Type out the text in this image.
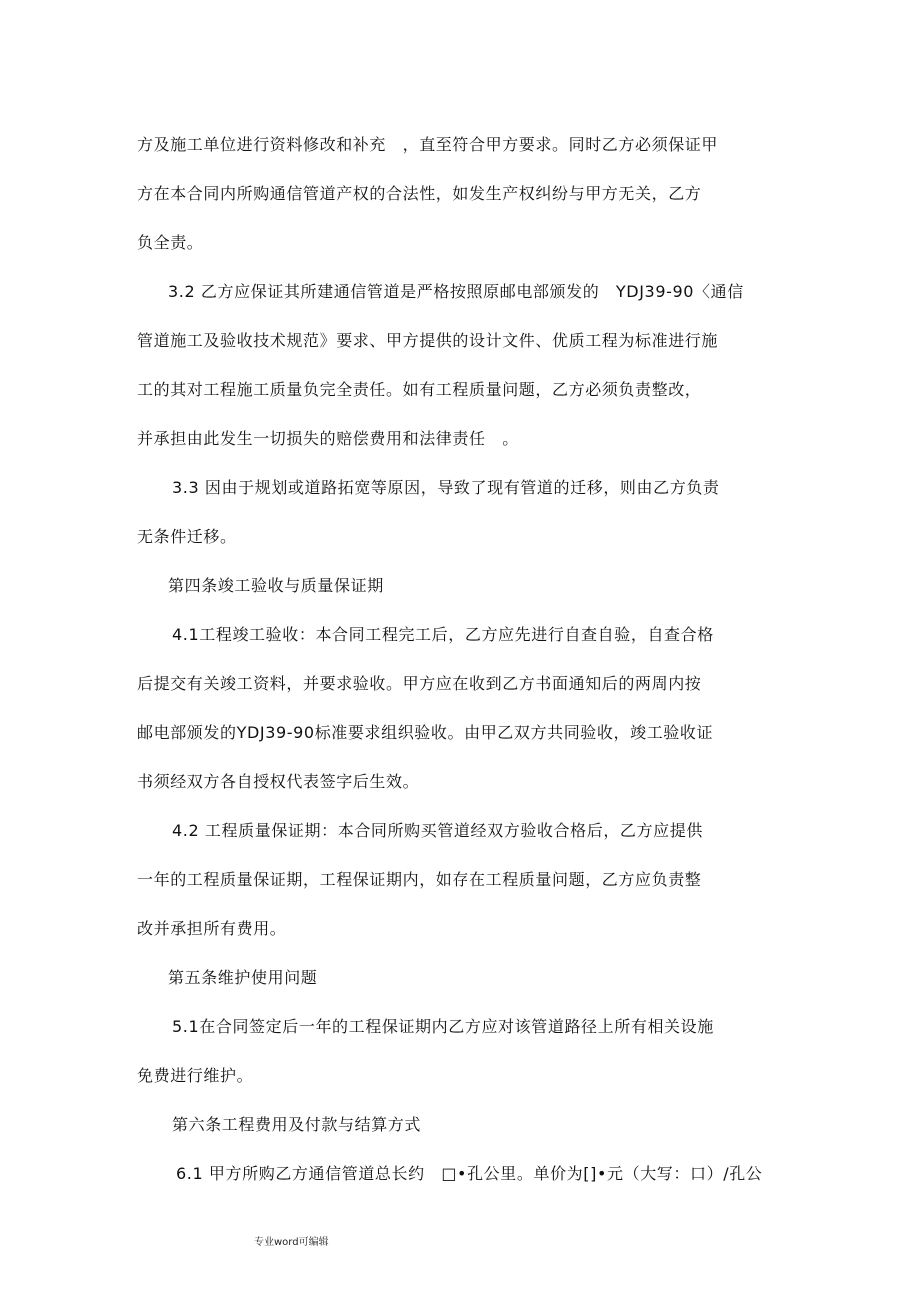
方及施工单位进行资料修改和补充　，直至符合甲方要求。同时乙方必须保证甲
方在本合同内所购通信管道产权的合法性，如发生产权纠纷与甲方无关，乙方
负全责。
3.2 乙方应保证其所建通信管道是严格按照原邮电部颁发的　YDJ39-90〈通信
管道施工及验收技术规范》要求、甲方提供的设计文件、优质工程为标准进行施
工的其对工程施工质量负完全责任。如有工程质量问题，乙方必须负责整改，
并承担由此发生一切损失的赔偿费用和法律责任　。
3.3 因由于规划或道路拓宽等原因，导致了现有管道的迁移，则由乙方负责
无条件迁移。
第四条竣工验收与质量保证期
4.1工程竣工验收：本合同工程完工后，乙方应先进行自查自验，自查合格
后提交有关竣工资料，并要求验收。甲方应在收到乙方书面通知后的两周内按
邮电部颁发的YDJ39-90标准要求组织验收。由甲乙双方共同验收，竣工验收证
书须经双方各自授权代表签字后生效。
4.2 工程质量保证期：本合同所购买管道经双方验收合格后，乙方应提供
一年的工程质量保证期，工程保证期内，如存在工程质量问题，乙方应负责整
改并承担所有费用。
第五条维护使用问题
5.1在合同签定后一年的工程保证期内乙方应对该管道路径上所有相关设施
免费进行维护。
第六条工程费用及付款与结算方式
6.1 甲方所购乙方通信管道总长约　□•孔公里。单价为[]•元（大写：口）/孔公
专业word可编辑
